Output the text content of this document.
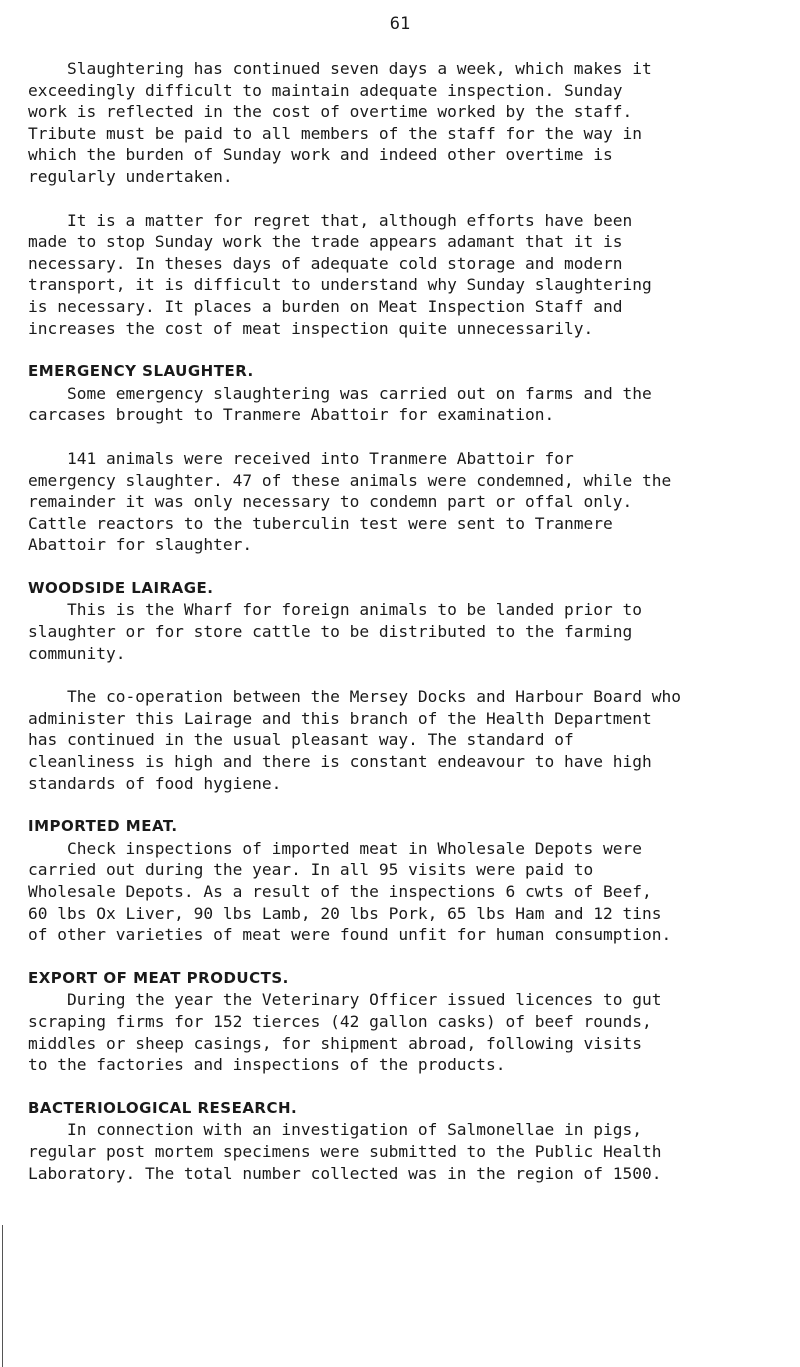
61

Slaughtering has continued seven days a week, which makes it
exceedingly difficult to maintain adequate inspection. Sunday
work is reflected in the cost of overtime worked by the staff.
Tribute must be paid to all members of the staff for the way in
which the burden of Sunday work and indeed other overtime is
regularly undertaken.

It is a matter for regret that, although efforts have been
made to stop Sunday work the trade appears adamant that it is
necessary. In theses days of adequate cold storage and modern
transport, it is difficult to understand why Sunday slaughtering
is necessary. It places a burden on Meat Inspection Staff and
increases the cost of meat inspection quite unnecessarily.

EMERGENCY SLAUGHTER.

Some emergency slaughtering was carried out on farms and the
carcases brought to Tranmere Abattoir for examination.

141 animals were received into Tranmere Abattoir for
emergency slaughter. 47 of these animals were condemned, while the
remainder it was only necessary to condemn part or offal only.
Cattle reactors to the tuberculin test were sent to Tranmere
Abattoir for slaughter.

WOODSIDE LAIRAGE.

This is the Wharf for foreign animals to be landed prior to
slaughter or for store cattle to be distributed to the farming
community.

The co-operation between the Mersey Docks and Harbour Board who
administer this Lairage and this branch of the Health Department
has continued in the usual pleasant way. The standard of
cleanliness is high and there is constant endeavour to have high
standards of food hygiene.

IMPORTED MEAT.

Check inspections of imported meat in Wholesale Depots were
carried out during the year. In all 95 visits were paid to
Wholesale Depots. As a result of the inspections 6 cwts of Beef,
60 lbs Ox Liver, 90 lbs Lamb, 20 lbs Pork, 65 lbs Ham and 12 tins
of other varieties of meat were found unfit for human consumption.

EXPORT OF MEAT PRODUCTS.

During the year the Veterinary Officer issued licences to gut
scraping firms for 152 tierces (42 gallon casks) of beef rounds,
middles or sheep casings, for shipment abroad, following visits
to the factories and inspections of the products.

BACTERIOLOGICAL RESEARCH.

In connection with an investigation of Salmonellae in pigs,
regular post mortem specimens were submitted to the Public Health
Laboratory. The total number collected was in the region of 1500.
